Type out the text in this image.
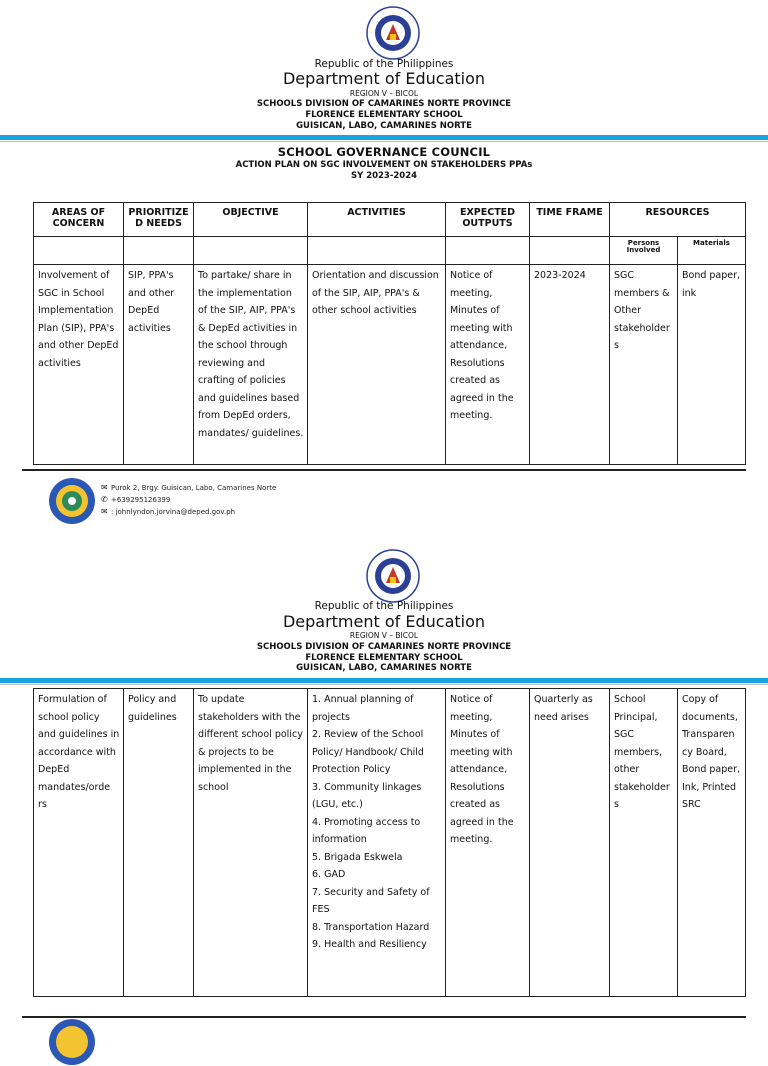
Republic of the Philippines
Department of Education
REGION V – BICOL
SCHOOLS DIVISION OF CAMARINES NORTE PROVINCE
FLORENCE ELEMENTARY SCHOOL
GUISICAN, LABO, CAMARINES NORTE
SCHOOL GOVERNANCE COUNCIL
ACTION PLAN ON SGC INVOLVEMENT ON STAKEHOLDERS PPAs
SY 2023-2024
AREAS OF CONCERN	PRIORITIZE D NEEDS	OBJECTIVE	ACTIVITIES	EXPECTED OUTPUTS	TIME FRAME	RESOURCES	
						Persons Involved	Materials
Involvement of SGC in School Implementation Plan (SIP), PPA's and other DepEd activities	SIP, PPA's and other DepEd activities	To partake/ share in the implementation of the SIP, AIP, PPA's & DepEd activities in the school through reviewing and crafting of policies and guidelines based from DepEd orders, mandates/ guidelines.	Orientation and discussion of the SIP, AIP, PPA's & other school activities	Notice of meeting, Minutes of meeting with attendance, Resolutions created as agreed in the meeting.	2023-2024	SGC members & Other stakeholder s	Bond paper, ink
✉ Purok 2, Brgy. Guisican, Labo, Camarines Norte
✆ +639295126399
✉ : johnlyndon.jorvina@deped.gov.ph
Republic of the Philippines
Department of Education
REGION V – BICOL
SCHOOLS DIVISION OF CAMARINES NORTE PROVINCE
FLORENCE ELEMENTARY SCHOOL
GUISICAN, LABO, CAMARINES NORTE
Formulation of school policy and guidelines in accordance with DepEd mandates/orde rs	Policy and guidelines	To update stakeholders with the different school policy & projects to be implemented in the school	1. Annual planning of projects
2. Review of the School Policy/ Handbook/ Child Protection Policy
3. Community linkages (LGU, etc.)
4. Promoting access to information
5. Brigada Eskwela
6. GAD
7. Security and Safety of FES
8. Transportation Hazard
9. Health and Resiliency	Notice of meeting, Minutes of meeting with attendance, Resolutions created as agreed in the meeting.	Quarterly as need arises	School Principal, SGC members, other stakeholder s	Copy of documents, Transparen cy Board, Bond paper, Ink, Printed SRC
